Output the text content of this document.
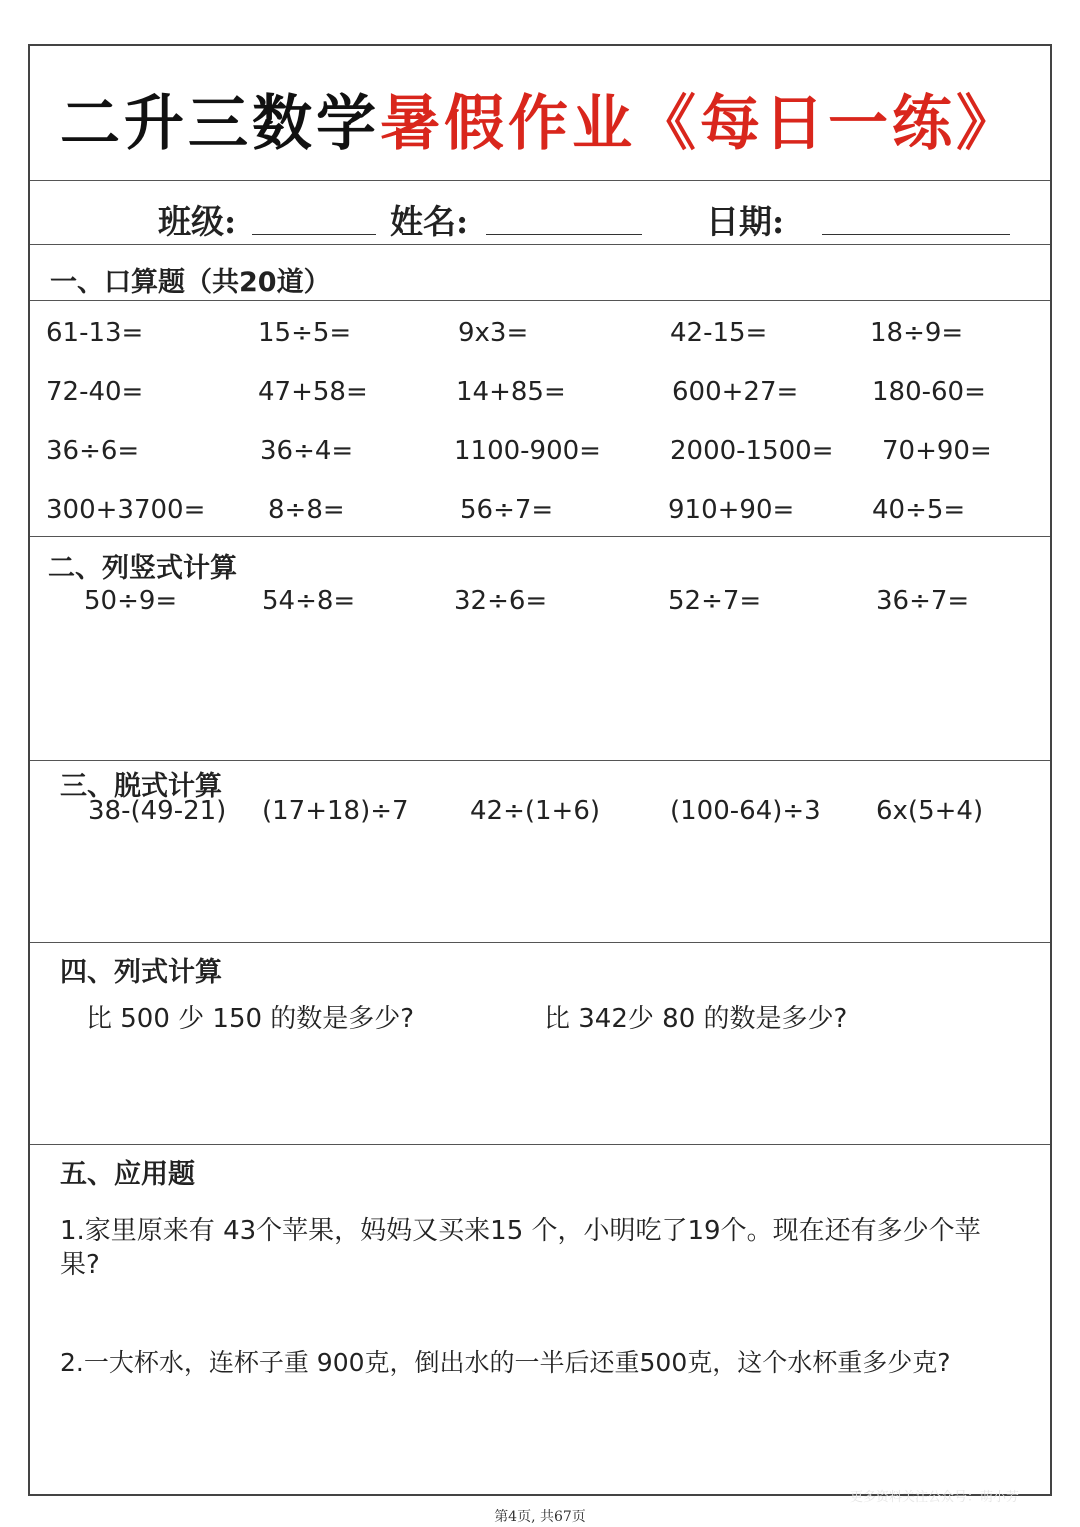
二升三数学暑假作业《每日一练》
班级:	姓名:	日期:
一、口算题（共20道）
61-13=	15÷5=	9x3=	42-15=	18÷9=
72-40=	47+58=	14+85=	600+27=	180-60=
36÷6=	36÷4=	1100-900=	2000-1500= 70+90=
300+3700= 8÷8=	56÷7=	910+90=	40÷5=
二、列竖式计算
50÷9=	54÷8=	32÷6=	52÷7=	36÷7=
三、脱式计算
38-(49-21) (17+18)÷7 42÷(1+6)	(100-64)÷3 6x(5+4)
四、列式计算
比 500 少 150 的数是多少?	比 342少 80 的数是多少?
五、应用题
1.家里原来有 43个苹果，妈妈又买来15 个，小明吃了19个。现在还有多少个苹果?
2.一大杯水，连杯子重 900克，倒出水的一半后还重500克，这个水杯重多少克?
更多资料关注公众号：萌小芳
第4页, 共67页
